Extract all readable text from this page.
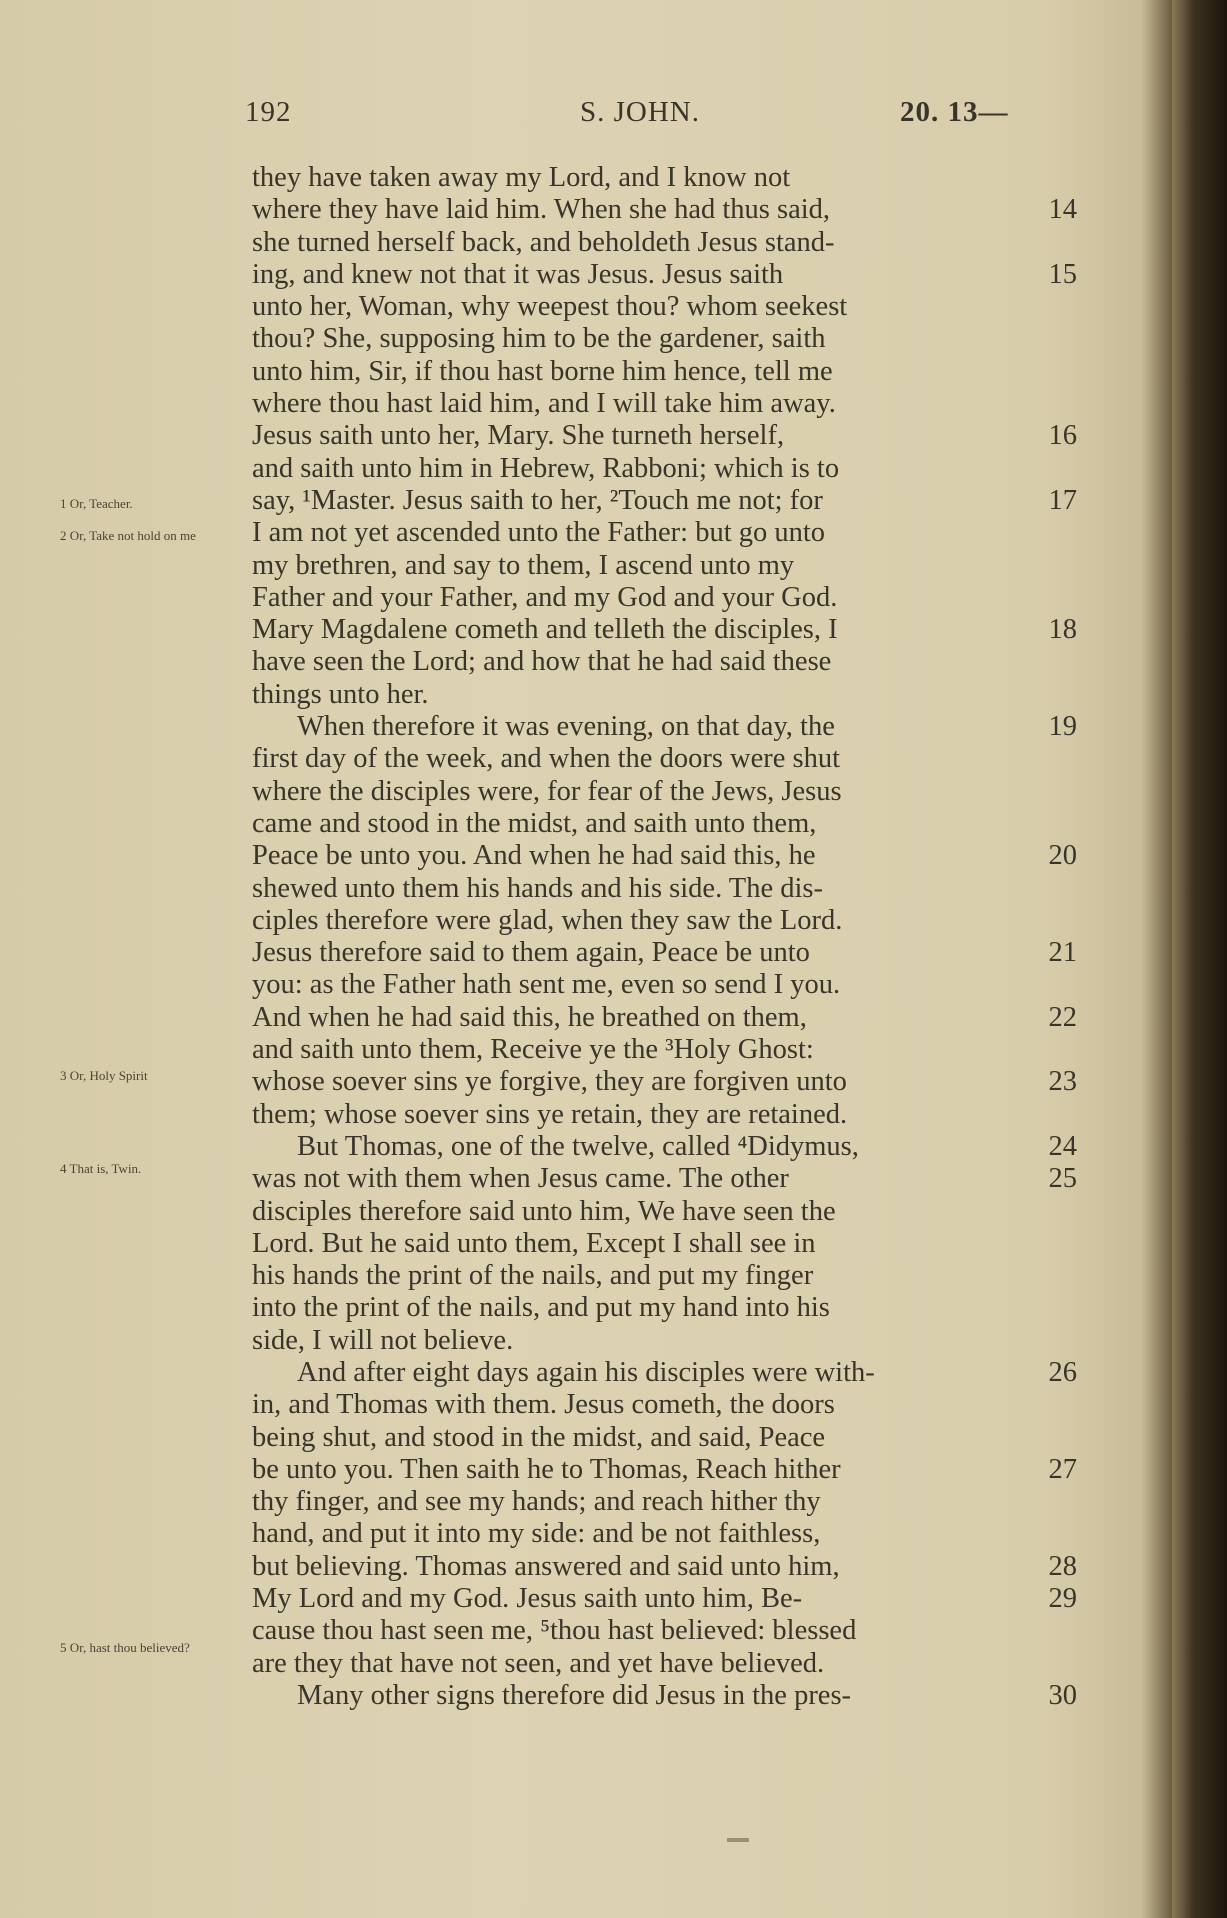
192	S. JOHN.	20. 13—
1 Or, Teacher.
2 Or, Take not hold on me
3 Or, Holy Spirit
4 That is, Twin.
5 Or, hast thou believed?
they have taken away my Lord, and I know not
where they have laid him. When she had thus said,	14
she turned herself back, and beholdeth Jesus stand-
ing, and knew not that it was Jesus. Jesus saith	15
unto her, Woman, why weepest thou? whom seekest
thou? She, supposing him to be the gardener, saith
unto him, Sir, if thou hast borne him hence, tell me
where thou hast laid him, and I will take him away.
Jesus saith unto her, Mary. She turneth herself,	16
and saith unto him in Hebrew, Rabboni; which is to
say, ¹Master. Jesus saith to her, ²Touch me not; for	17
I am not yet ascended unto the Father: but go unto
my brethren, and say to them, I ascend unto my
Father and your Father, and my God and your God.
Mary Magdalene cometh and telleth the disciples, I	18
have seen the Lord; and how that he had said these
things unto her.
When therefore it was evening, on that day, the	19
first day of the week, and when the doors were shut
where the disciples were, for fear of the Jews, Jesus
came and stood in the midst, and saith unto them,
Peace be unto you. And when he had said this, he	20
shewed unto them his hands and his side. The dis-
ciples therefore were glad, when they saw the Lord.
Jesus therefore said to them again, Peace be unto	21
you: as the Father hath sent me, even so send I you.
And when he had said this, he breathed on them,	22
and saith unto them, Receive ye the ³Holy Ghost:
whose soever sins ye forgive, they are forgiven unto	23
them; whose soever sins ye retain, they are retained.
But Thomas, one of the twelve, called ⁴Didymus,	24
was not with them when Jesus came. The other	25
disciples therefore said unto him, We have seen the
Lord. But he said unto them, Except I shall see in
his hands the print of the nails, and put my finger
into the print of the nails, and put my hand into his
side, I will not believe.
And after eight days again his disciples were with-	26
in, and Thomas with them. Jesus cometh, the doors
being shut, and stood in the midst, and said, Peace
be unto you. Then saith he to Thomas, Reach hither	27
thy finger, and see my hands; and reach hither thy
hand, and put it into my side: and be not faithless,
but believing. Thomas answered and said unto him,	28
My Lord and my God. Jesus saith unto him, Be-	29
cause thou hast seen me, ⁵thou hast believed: blessed
are they that have not seen, and yet have believed.
Many other signs therefore did Jesus in the pres-	30
